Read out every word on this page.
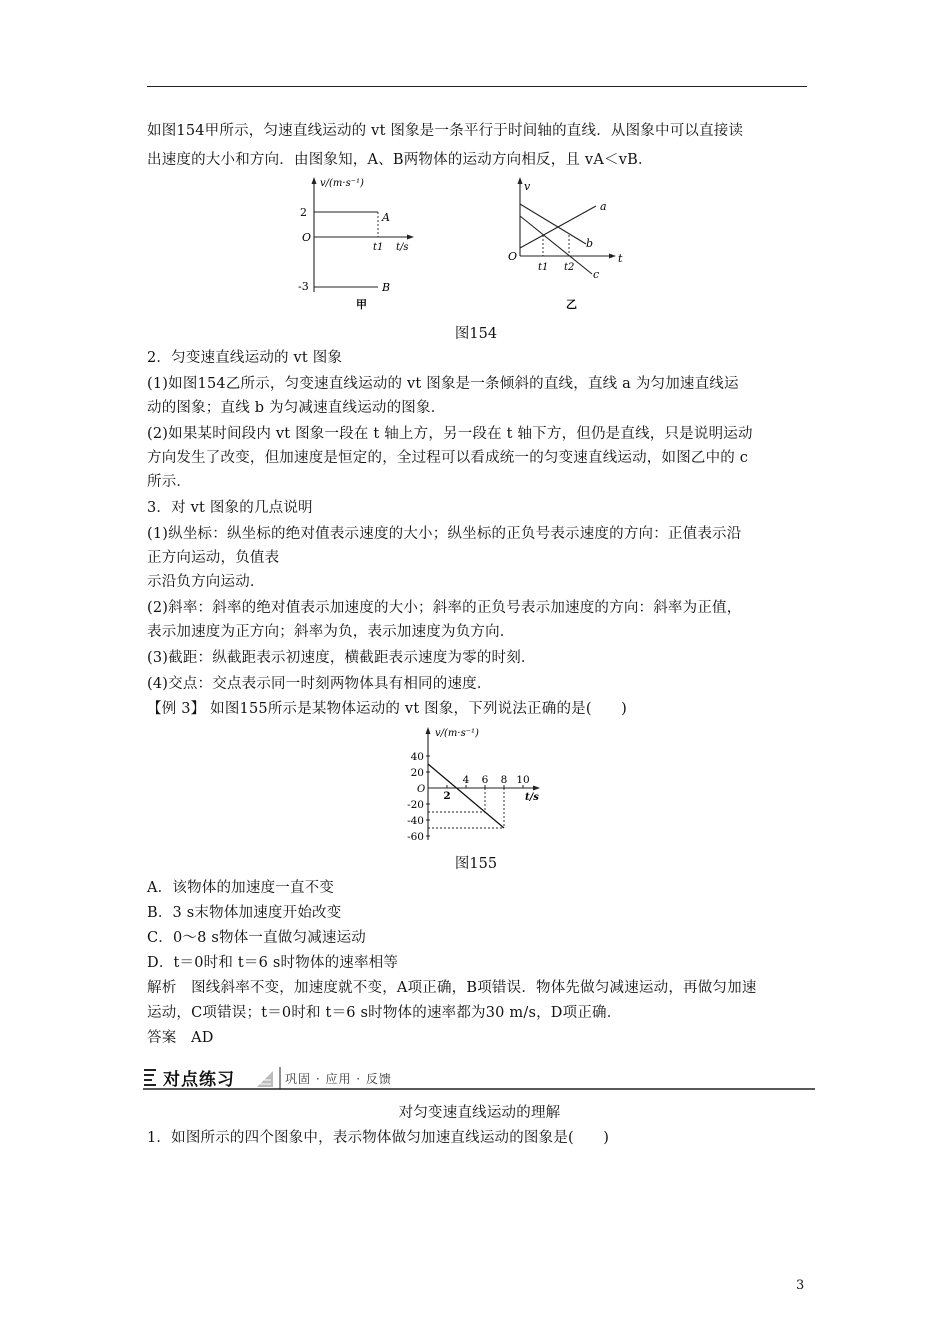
如图154甲所示，匀速直线运动的 vt 图象是一条平行于时间轴的直线．从图象中可以直接读
出速度的大小和方向．由图象知，A、B两物体的运动方向相反，且 vA＜vB．
v/(m·s⁻¹)
2
O
-3
t1 t/s
A
B
甲
v
O
t1 t2
t
a
b
c
乙
图154
2．匀变速直线运动的 vt 图象
(1)如图154乙所示，匀变速直线运动的 vt 图象是一条倾斜的直线，直线 a 为匀加速直线运
动的图象；直线 b 为匀减速直线运动的图象．
(2)如果某时间段内 vt 图象一段在 t 轴上方，另一段在 t 轴下方，但仍是直线，只是说明运动
方向发生了改变，但加速度是恒定的，全过程可以看成统一的匀变速直线运动，如图乙中的 c
所示．
3．对 vt 图象的几点说明
(1)纵坐标：纵坐标的绝对值表示速度的大小；纵坐标的正负号表示速度的方向：正值表示沿
正方向运动，负值表
示沿负方向运动．
(2)斜率：斜率的绝对值表示加速度的大小；斜率的正负号表示加速度的方向：斜率为正值，
表示加速度为正方向；斜率为负，表示加速度为负方向．
(3)截距：纵截距表示初速度，横截距表示速度为零的时刻．
(4)交点：交点表示同一时刻两物体具有相同的速度．
【例 3】 如图155所示是某物体运动的 vt 图象，下列说法正确的是(　　)
v/(m·s⁻¹)
t/s
O
40
20
-20
-40
-60
2
4 6 8 10
图155
A．该物体的加速度一直不变
B．3 s末物体加速度开始改变
C．0～8 s物体一直做匀减速运动
D．t＝0时和 t＝6 s时物体的速率相等
解析　图线斜率不变，加速度就不变，A项正确，B项错误．物体先做匀减速运动，再做匀加速
运动，C项错误；t＝0时和 t＝6 s时物体的速率都为30 m/s，D项正确．
答案　AD
对点练习	巩固 · 应用 · 反馈
对匀变速直线运动的理解
1．如图所示的四个图象中，表示物体做匀加速直线运动的图象是(　　)
3
